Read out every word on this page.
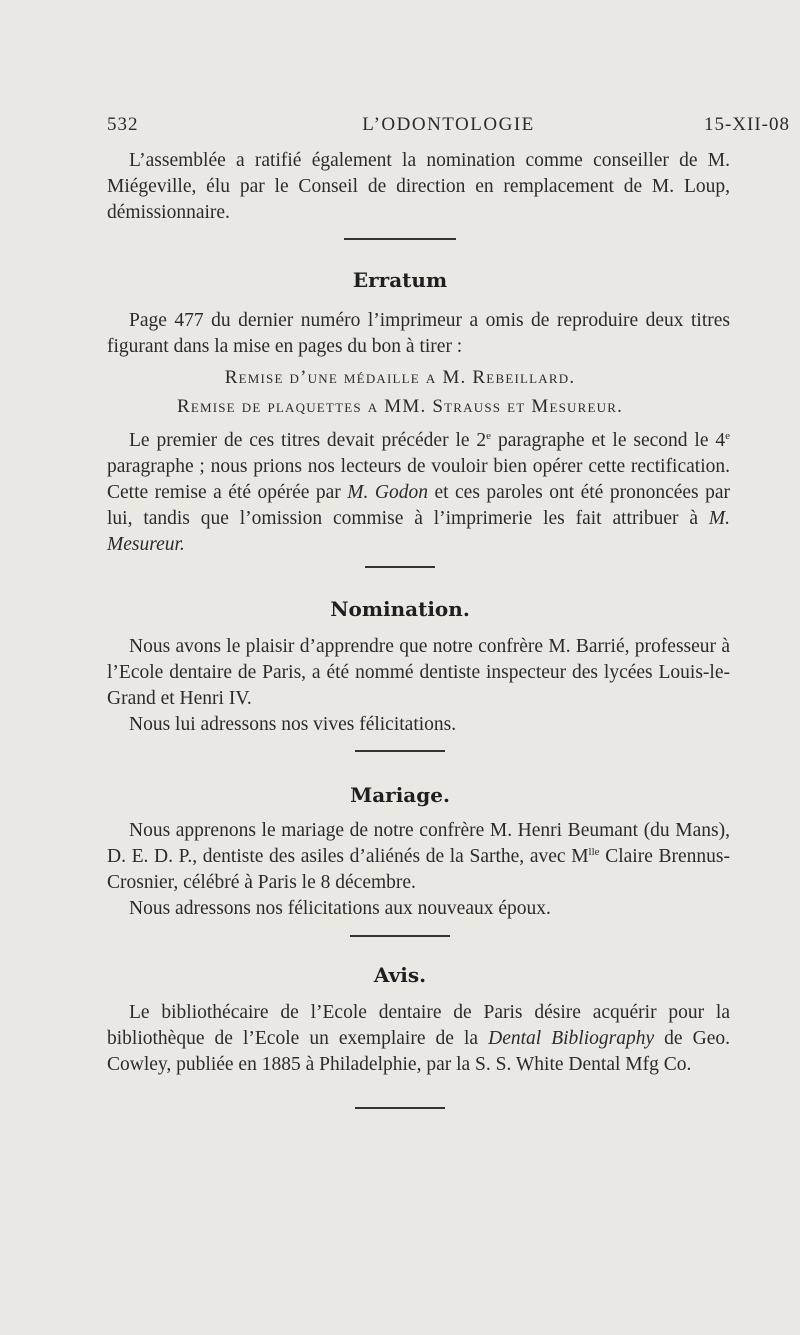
532	L’ODONTOLOGIE	15-XII-08

L’assemblée a ratifié également la nomination comme conseiller de M. Miégeville, élu par le Conseil de direction en remplacement de M. Loup, démissionnaire.

Erratum

Page 477 du dernier numéro l’imprimeur a omis de reproduire deux titres figurant dans la mise en pages du bon à tirer :

Remise d’une médaille a M. Rebeillard.
Remise de plaquettes a MM. Strauss et Mesureur.

Le premier de ces titres devait précéder le 2e paragraphe et le second le 4e paragraphe ; nous prions nos lecteurs de vouloir bien opérer cette rectification. Cette remise a été opérée par M. Godon et ces paroles ont été prononcées par lui, tandis que l’omission commise à l’imprimerie les fait attribuer à M. Mesureur.

Nomination.

Nous avons le plaisir d’apprendre que notre confrère M. Barrié, professeur à l’Ecole dentaire de Paris, a été nommé dentiste inspecteur des lycées Louis-le-Grand et Henri IV.

Nous lui adressons nos vives félicitations.

Mariage.

Nous apprenons le mariage de notre confrère M. Henri Beumant (du Mans), D. E. D. P., dentiste des asiles d’aliénés de la Sarthe, avec $M^{lle}$ Claire Brennus-Crosnier, célébré à Paris le 8 décembre.

Nous adressons nos félicitations aux nouveaux époux.

Avis.

Le bibliothécaire de l’Ecole dentaire de Paris désire acquérir pour la bibliothèque de l’Ecole un exemplaire de la Dental Bibliography de Geo. Cowley, publiée en 1885 à Philadelphie, par la S. S. White Dental Mfg Co.
